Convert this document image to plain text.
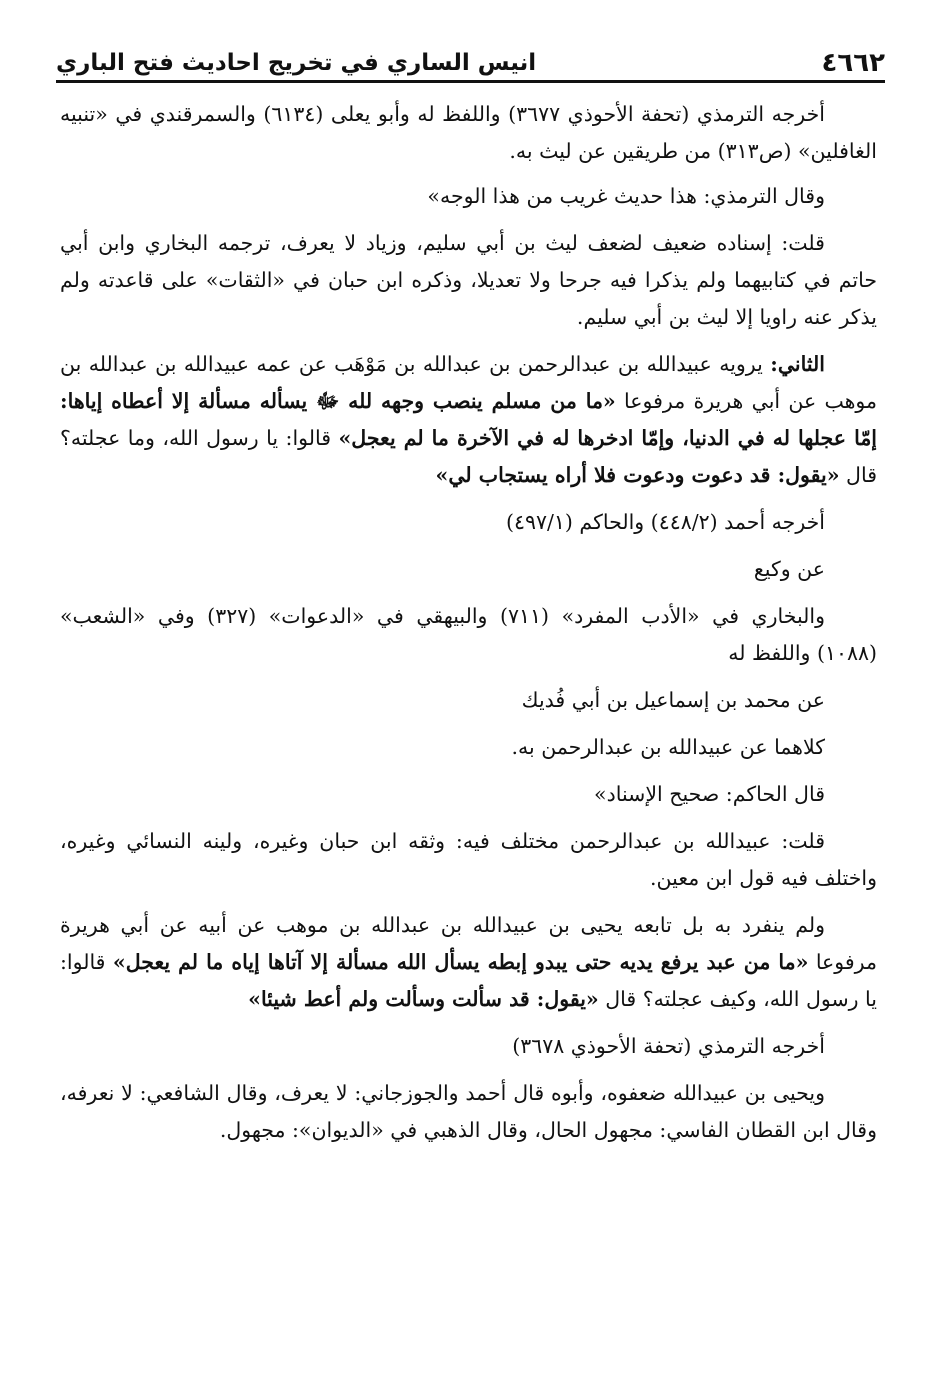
انيس الساري في تخريج احاديث فتح الباري	٤٦٦٢

أخرجه الترمذي (تحفة الأحوذي ٣٦٧٧) واللفظ له وأبو يعلى (٦١٣٤) والسمرقندي في «تنبيه الغافلين» (ص٣١٣) من طريقين عن ليث به.

وقال الترمذي: هذا حديث غريب من هذا الوجه»

قلت: إسناده ضعيف لضعف ليث بن أبي سليم، وزياد لا يعرف، ترجمه البخاري وابن أبي حاتم في كتابيهما ولم يذكرا فيه جرحا ولا تعديلا، وذكره ابن حبان في «الثقات» على قاعدته ولم يذكر عنه راويا إلا ليث بن أبي سليم.

الثاني: يرويه عبيدالله بن عبدالرحمن بن عبدالله بن مَوْهَب عن عمه عبيدالله بن عبدالله بن موهب عن أبي هريرة مرفوعا «ما من مسلم ينصب وجهه لله ﷻ يسأله مسألة إلا أعطاه إياها: إمّا عجلها له في الدنيا، وإمّا ادخرها له في الآخرة ما لم يعجل» قالوا: يا رسول الله، وما عجلته؟ قال «يقول: قد دعوت ودعوت فلا أراه يستجاب لي»

أخرجه أحمد (٤٤٨/٢) والحاكم (٤٩٧/١)

عن وكيع

والبخاري في «الأدب المفرد» (٧١١) والبيهقي في «الدعوات» (٣٢٧) وفي «الشعب» (١٠٨٨) واللفظ له

عن محمد بن إسماعيل بن أبي فُديك

كلاهما عن عبيدالله بن عبدالرحمن به.

قال الحاكم: صحيح الإسناد»

قلت: عبيدالله بن عبدالرحمن مختلف فيه: وثقه ابن حبان وغيره، ولينه النسائي وغيره، واختلف فيه قول ابن معين.

ولم ينفرد به بل تابعه يحيى بن عبيدالله بن عبدالله بن موهب عن أبيه عن أبي هريرة مرفوعا «ما من عبد يرفع يديه حتى يبدو إبطه يسأل الله مسألة إلا آتاها إياه ما لم يعجل» قالوا: يا رسول الله، وكيف عجلته؟ قال «يقول: قد سألت وسألت ولم أعط شيئا»

أخرجه الترمذي (تحفة الأحوذي ٣٦٧٨)

ويحيى بن عبيدالله ضعفوه، وأبوه قال أحمد والجوزجاني: لا يعرف، وقال الشافعي: لا نعرفه، وقال ابن القطان الفاسي: مجهول الحال، وقال الذهبي في «الديوان»: مجهول.
